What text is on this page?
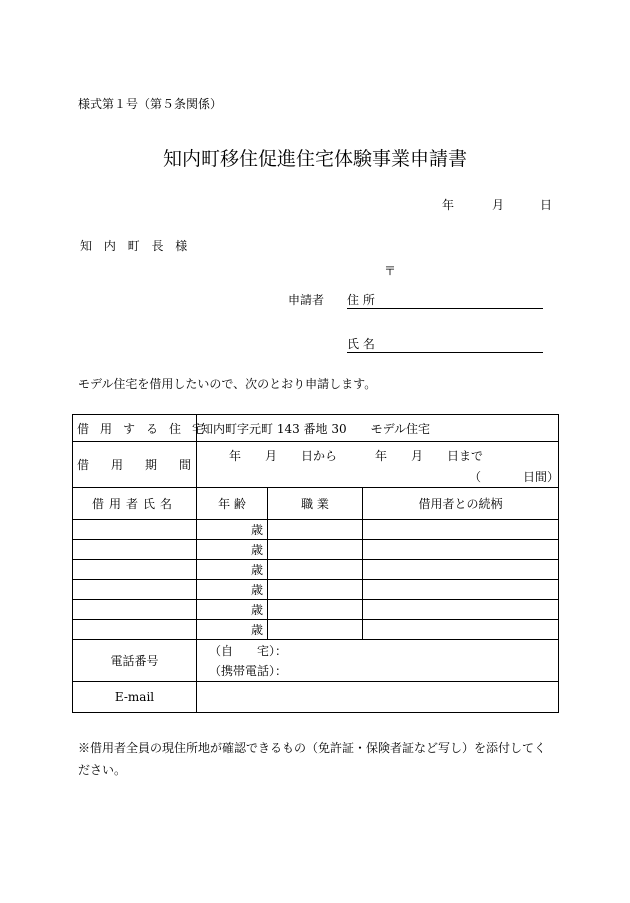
様式第１号（第５条関係）
知内町移住促進住宅体験事業申請書
年	月	日
知 内 町 長 様
〒
申請者 住 所
氏 名
モデル住宅を借用したいので、次のとおり申請します。
借用する住宅	知内町字元町 143 番地 30　　モデル住宅		
借用期間	年　　月　　日から 年　　月　　日まで
（ 日間）		

借用者氏名	年 齢	職 業	借用者との続柄
	歳		
	歳		
	歳		
	歳		
	歳		
	歳		
電話番号	（自　　宅）：
（携帯電話）：		

E-mail			
※借用者全員の現住所地が確認できるもの（免許証・保険者証など写し）を添付してく
ださい。
